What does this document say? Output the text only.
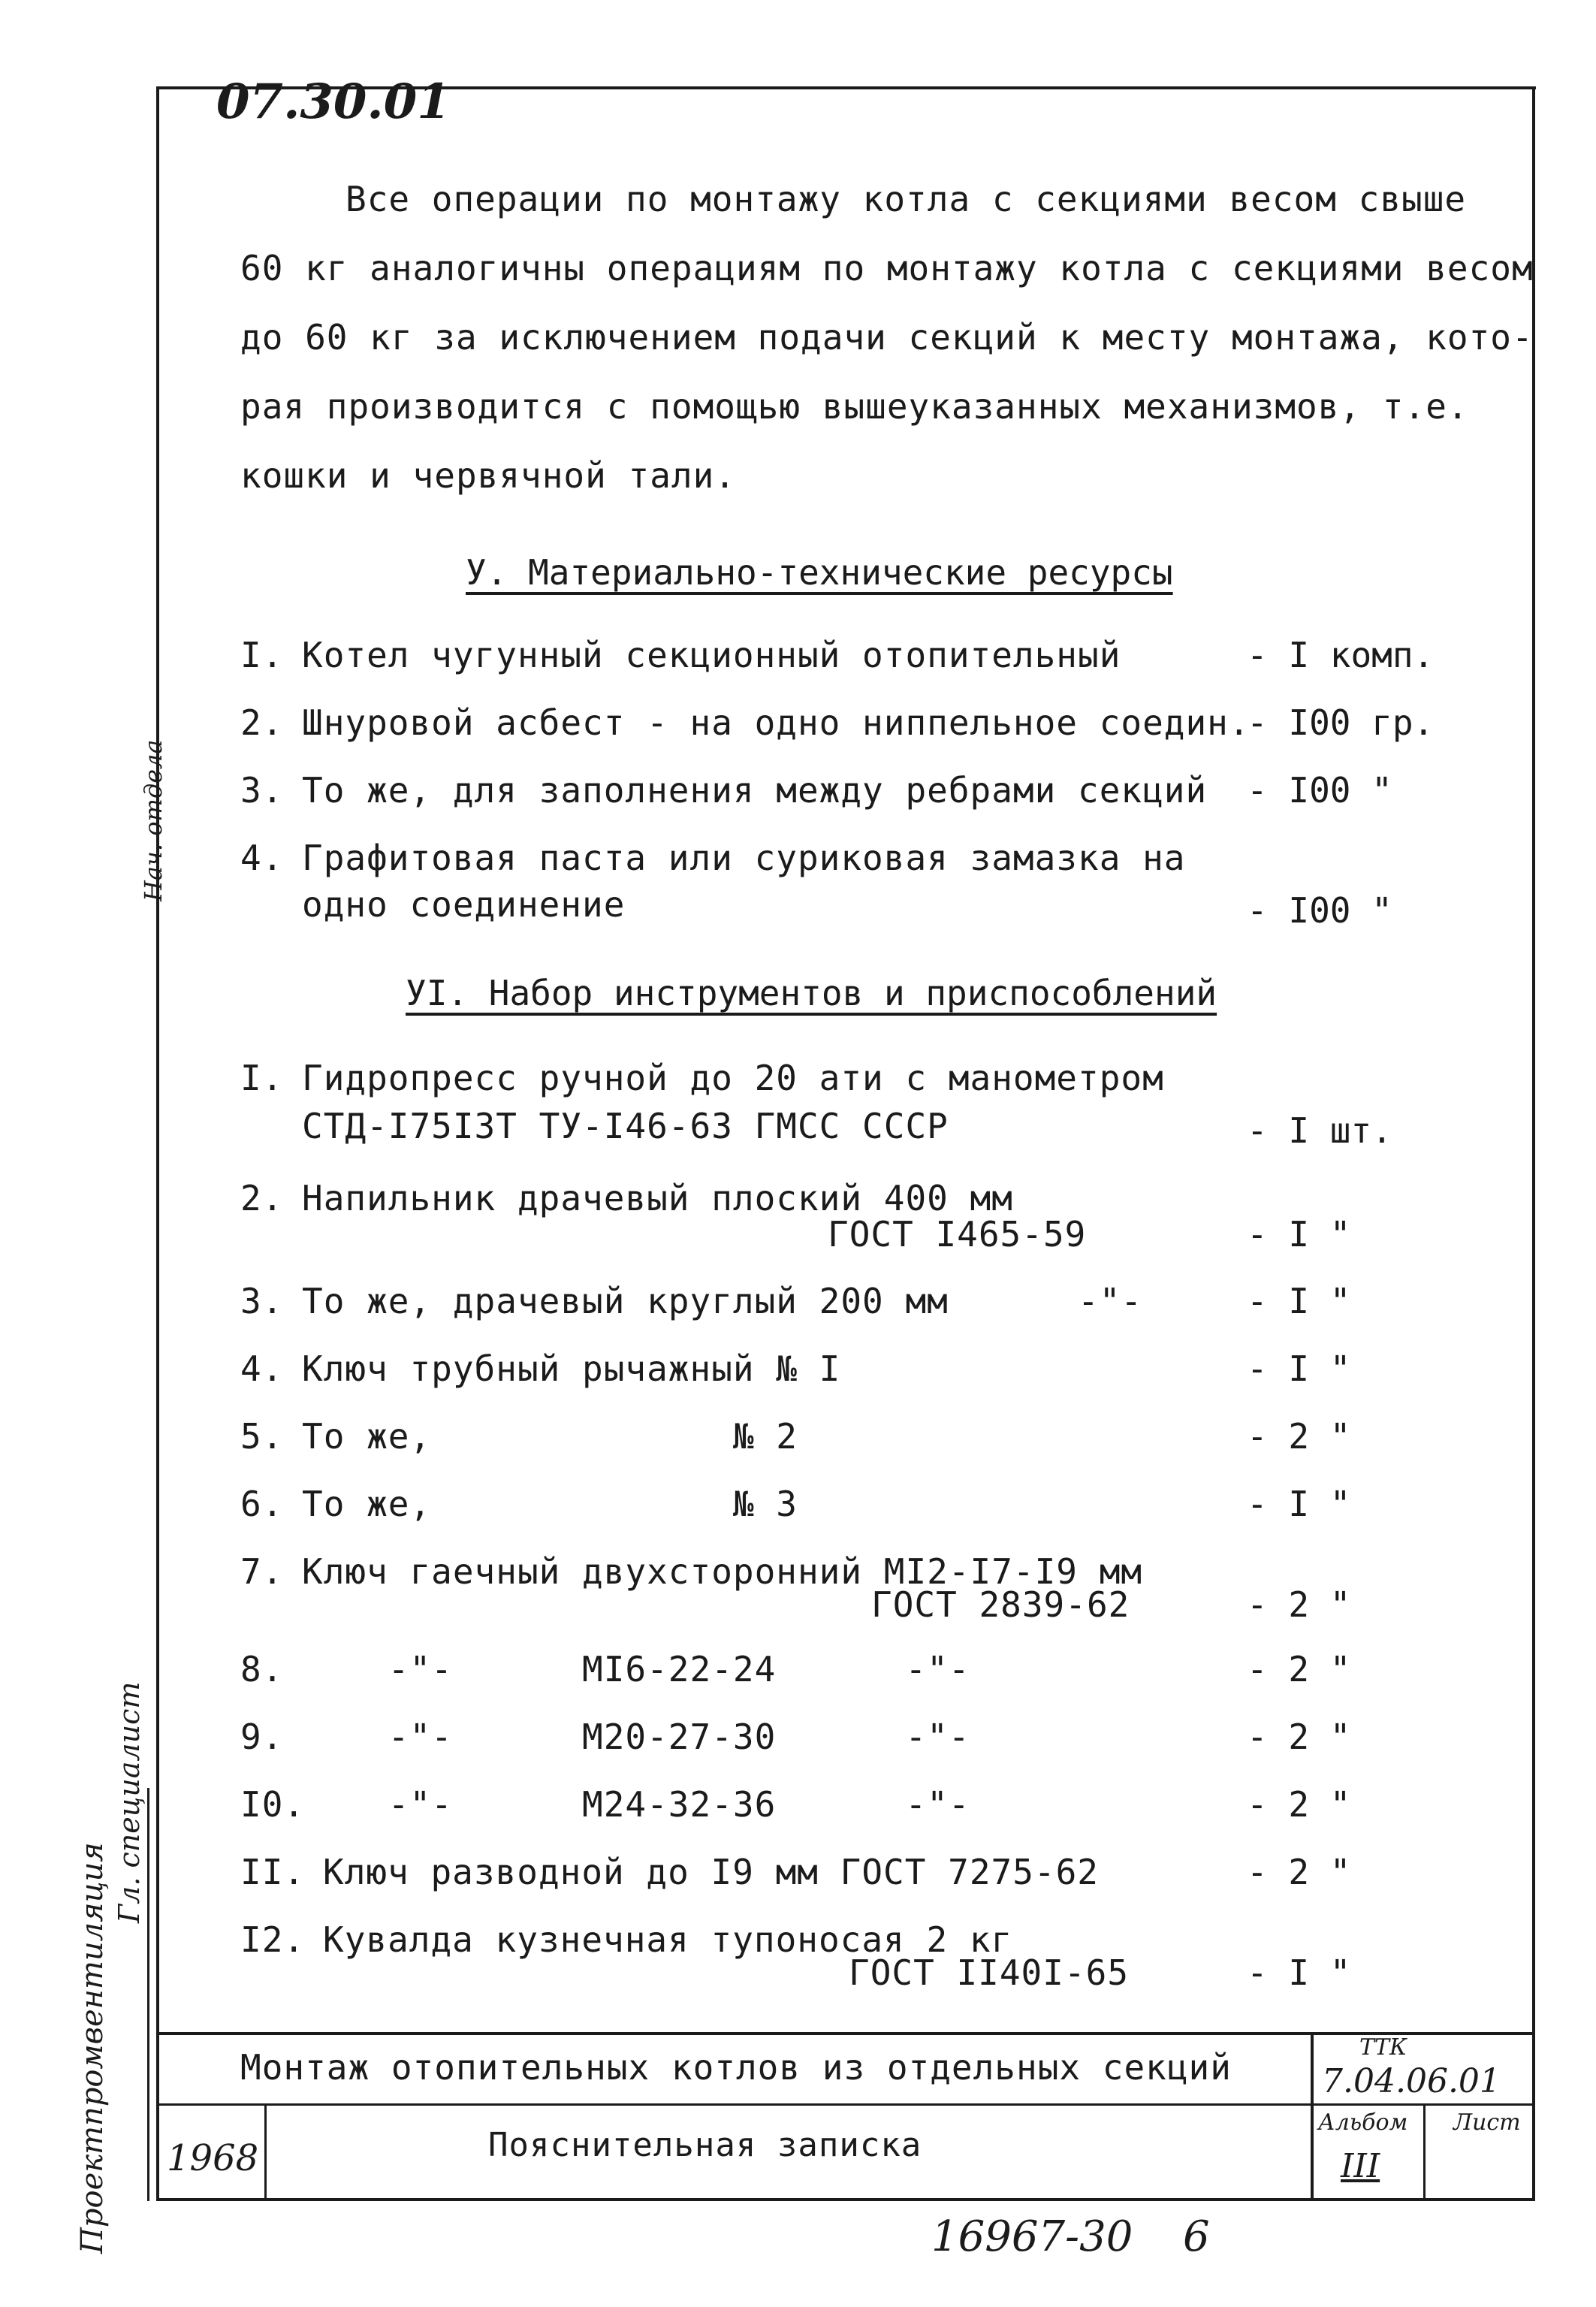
Проектпромвентиляция
Гл. специалист
Нач. отдела
07.30.01
Все операции по монтажу котла с секциями весом свыше
60 кг аналогичны операциям по монтажу котла с секциями весом
до 60 кг за исключением подачи секций к месту монтажа, кото-
рая производится с помощью вышеуказанных механизмов, т.е.
кошки и червячной тали.
У. Материально-технические ресурсы
I. Котел чугунный секционный отопительный
2. Шнуровой асбест - на одно ниппельное соедин.
3. То же, для заполнения между ребрами секций
4. Графитовая паста или суриковая замазка на
одно соединение
- I комп.
- I00 гр.
- I00 "
- I00 "
УI. Набор инструментов и приспособлений
I. Гидропресс ручной до 20 ати с манометром
СТД-I75I3Т ТУ-I46-63 ГМСС СССР
2. Напильник драчевый плоский 400 мм
ГОСТ I465-59
3. То же, драчевый круглый 200 мм      -"-
4. Ключ трубный рычажный № I
5. То же,              № 2
6. То же,              № 3
7. Ключ гаечный двухсторонний МI2-I7-I9 мм
ГОСТ 2839-62
8. -"-      МI6-22-24      -"-
9. -"-      М20-27-30      -"-
I0.
-"-      М24-32-36      -"-
II. Ключ разводной до I9 мм ГОСТ 7275-62
I2. Кувалда кузнечная тупоносая 2 кг
ГОСТ II40I-65
- I шт.
- I "
- I "
- I "
- 2 "
- I "
- 2 "
- 2 "
- 2 "
- 2 "
- 2 "
- I "
Монтаж отопительных котлов из отдельных секций
Пояснительная записка
1968
ТТК
7.04.06.01
Альбом
III
Лист
16967-30 6
